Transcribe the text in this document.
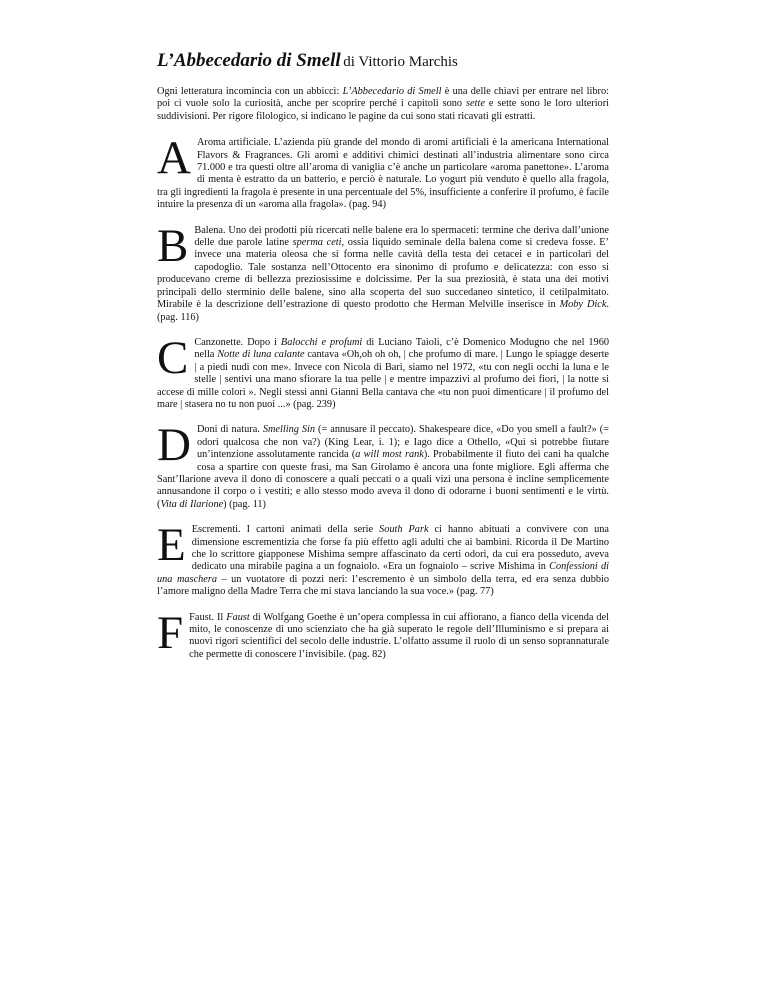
L’Abbecedario di Smell di Vittorio Marchis

Ogni letteratura incomincia con un abbiccì: L’Abbecedario di Smell è una delle chiavi per entrare nel libro: poi ci vuole solo la curiosità, anche per scoprire perché i capitoli sono sette e sette sono le loro ulteriori suddivisioni. Per rigore filologico, si indicano le pagine da cui sono stati ricavati gli estratti.

A Aroma artificiale. L’azienda più grande del mondo di aromi artificiali è la americana International Flavors & Fragrances. Gli aromi e additivi chimici destinati all’industria alimentare sono circa 71.000 e tra questi oltre all’aroma di vaniglia c’è anche un particolare «aroma panettone». L’aroma di menta è estratto da un batterio, e perciò è naturale. Lo yogurt più venduto è quello alla fragola, tra gli ingredienti la fragola è presente in una percentuale del 5%, insufficiente a conferire il profumo, è facile intuire la presenza di un «aroma alla fragola». (pag. 94)

B Balena. Uno dei prodotti più ricercati nelle balene era lo spermaceti: termine che deriva dall’unione delle due parole latine sperma ceti, ossia liquido seminale della balena come si credeva fosse. E’ invece una materia oleosa che si forma nelle cavità della testa dei cetacei e in particolari del capodoglio. Tale sostanza nell’Ottocento era sinonimo di profumo e delicatezza: con esso si producevano creme di bellezza preziosissime e dolcissime. Per la sua preziosità, è stata una dei motivi principali dello sterminio delle balene, sino alla scoperta del suo succedaneo sintetico, il cetilpalmitato. Mirabile è la descrizione dell’estrazione di questo prodotto che Herman Melville inserisce in Moby Dick. (pag. 116)

C Canzonette. Dopo i Balocchi e profumi di Luciano Taioli, c’è Domenico Modugno che nel 1960 nella Notte di luna calante cantava «Oh,oh oh oh, | che profumo di mare. | Lungo le spiagge deserte | a piedi nudi con me». Invece con Nicola di Bari, siamo nel 1972, «tu con negli occhi la luna e le stelle | sentivi una mano sfiorare la tua pelle | e mentre impazzivi al profumo dei fiori, | la notte si accese di mille colori ». Negli stessi anni Gianni Bella cantava che «tu non puoi dimenticare | il profumo del mare | stasera no tu non puoi ...» (pag. 239)

D Doni di natura. Smelling Sin (= annusare il peccato). Shakespeare dice, «Do you smell a fault?» (= odori qualcosa che non va?) (King Lear, i. 1); e Iago dice a Othello, «Qui si potrebbe fiutare un’intenzione assolutamente rancida (a will most rank). Probabilmente il fiuto dei cani ha qualche cosa a spartire con queste frasi, ma San Girolamo è ancora una fonte migliore. Egli afferma che Sant’Ilarione aveva il dono di conoscere a quali peccati o a quali vizi una persona è incline semplicemente annusandone il corpo o i vestiti; e allo stesso modo aveva il dono di odorarne i buoni sentimenti e le virtù. (Vita di Ilarione) (pag. 11)

E Escrementi. I cartoni animati della serie South Park ci hanno abituati a convivere con una dimensione escrementizia che forse fa più effetto agli adulti che ai bambini. Ricorda il De Martino che lo scrittore giapponese Mishima sempre affascinato da certi odori, da cui era posseduto, aveva dedicato una mirabile pagina a un fognaiolo. «Era un fognaiolo – scrive Mishima in Confessioni di una maschera – un vuotatore di pozzi neri: l’escremento è un simbolo della terra, ed era senza dubbio l’amore maligno della Madre Terra che mi stava lanciando la sua voce.» (pag. 77)

F Faust. Il Faust di Wolfgang Goethe è un’opera complessa in cui affiorano, a fianco della vicenda del mito, le conoscenze di uno scienziato che ha già superato le regole dell’Illuminismo e si prepara ai nuovi rigori scientifici del secolo delle industrie. L’olfatto assume il ruolo di un senso soprannaturale che permette di conoscere l’invisibile. (pag. 82)
